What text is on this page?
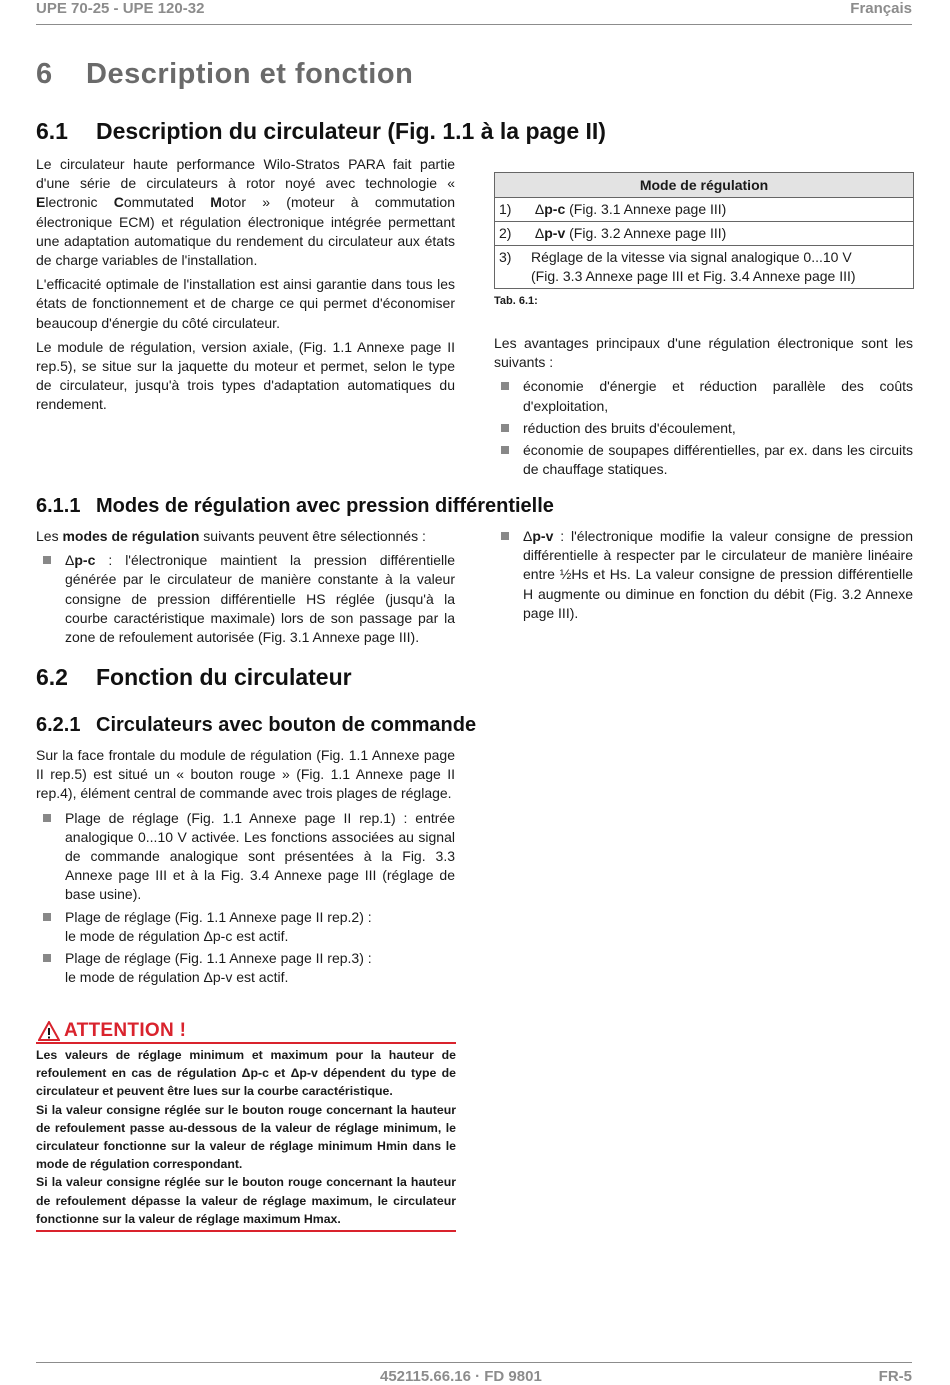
UPE 70-25 - UPE 120-32	Français
6 Description et fonction
6.1 Description du circulateur (Fig. 1.1 à la page II)

Le circulateur haute performance Wilo-Stratos PARA fait partie d'une série de circulateurs à rotor noyé avec technologie « Electronic Commutated Motor » (moteur à commutation électronique ECM) et régulation électronique intégrée permettant une adaptation automatique du rendement du circulateur aux états de charge variables de l'installation.

L'efficacité optimale de l'installation est ainsi garantie dans tous les états de fonctionnement et de charge ce qui permet d'économiser beaucoup d'énergie du côté circulateur.

Le module de régulation, version axiale, (Fig. 1.1 Annexe page II rep.5), se situe sur la jaquette du moteur et permet, selon le type de circulateur, jusqu'à trois types d'adaptation automatiques du rendement.

Mode de régulation	
1)	Δp-c (Fig. 3.1 Annexe page III)
2)	Δp-v (Fig. 3.2 Annexe page III)
3)	Réglage de la vitesse via signal analogique 0...10 V
(Fig. 3.3 Annexe page III et Fig. 3.4 Annexe page III)
Tab. 6.1:

Les avantages principaux d'une régulation électronique sont les suivants :

économie d'énergie et réduction parallèle des coûts d'exploitation,
réduction des bruits d'écoulement,
économie de soupapes différentielles, par ex. dans les circuits de chauffage statiques.
6.1.1 Modes de régulation avec pression différentielle

Les modes de régulation suivants peuvent être sélectionnés :

Δp-c : l'électronique maintient la pression différentielle générée par le circulateur de manière constante à la valeur consigne de pression différentielle HS réglée (jusqu'à la courbe caractéristique maximale) lors de son passage par la zone de refoulement autorisée (Fig. 3.1 Annexe page III).
Δp-v : l'électronique modifie la valeur consigne de pression différentielle à respecter par le circulateur de manière linéaire entre ½Hs et Hs. La valeur consigne de pression différentielle H augmente ou diminue en fonction du débit (Fig. 3.2 Annexe page III).
6.2 Fonction du circulateur
6.2.1 Circulateurs avec bouton de commande

Sur la face frontale du module de régulation (Fig. 1.1 Annexe page II rep.5) est situé un « bouton rouge » (Fig. 1.1 Annexe page II rep.4), élément central de commande avec trois plages de réglage.

Plage de réglage (Fig. 1.1 Annexe page II rep.1) : entrée analogique 0...10 V activée. Les fonctions associées au signal de commande analogique sont présentées à la Fig. 3.3 Annexe page III et à la Fig. 3.4 Annexe page III (réglage de base usine).
Plage de réglage (Fig. 1.1 Annexe page II rep.2) :
le mode de régulation Δp-c est actif.
Plage de réglage (Fig. 1.1 Annexe page II rep.3) :
le mode de régulation Δp-v est actif.
ATTENTION !

Les valeurs de réglage minimum et maximum pour la hauteur de refoulement en cas de régulation Δp-c et Δp-v dépendent du type de circulateur et peuvent être lues sur la courbe caractéristique.

Si la valeur consigne réglée sur le bouton rouge concernant la hauteur de refoulement passe au-dessous de la valeur de réglage minimum, le circulateur fonctionne sur la valeur de réglage minimum Hmin dans le mode de régulation correspondant.

Si la valeur consigne réglée sur le bouton rouge concernant la hauteur de refoulement dépasse la valeur de réglage maximum, le circulateur fonctionne sur la valeur de réglage maximum Hmax.

452115.66.16 · FD 9801	FR-5
